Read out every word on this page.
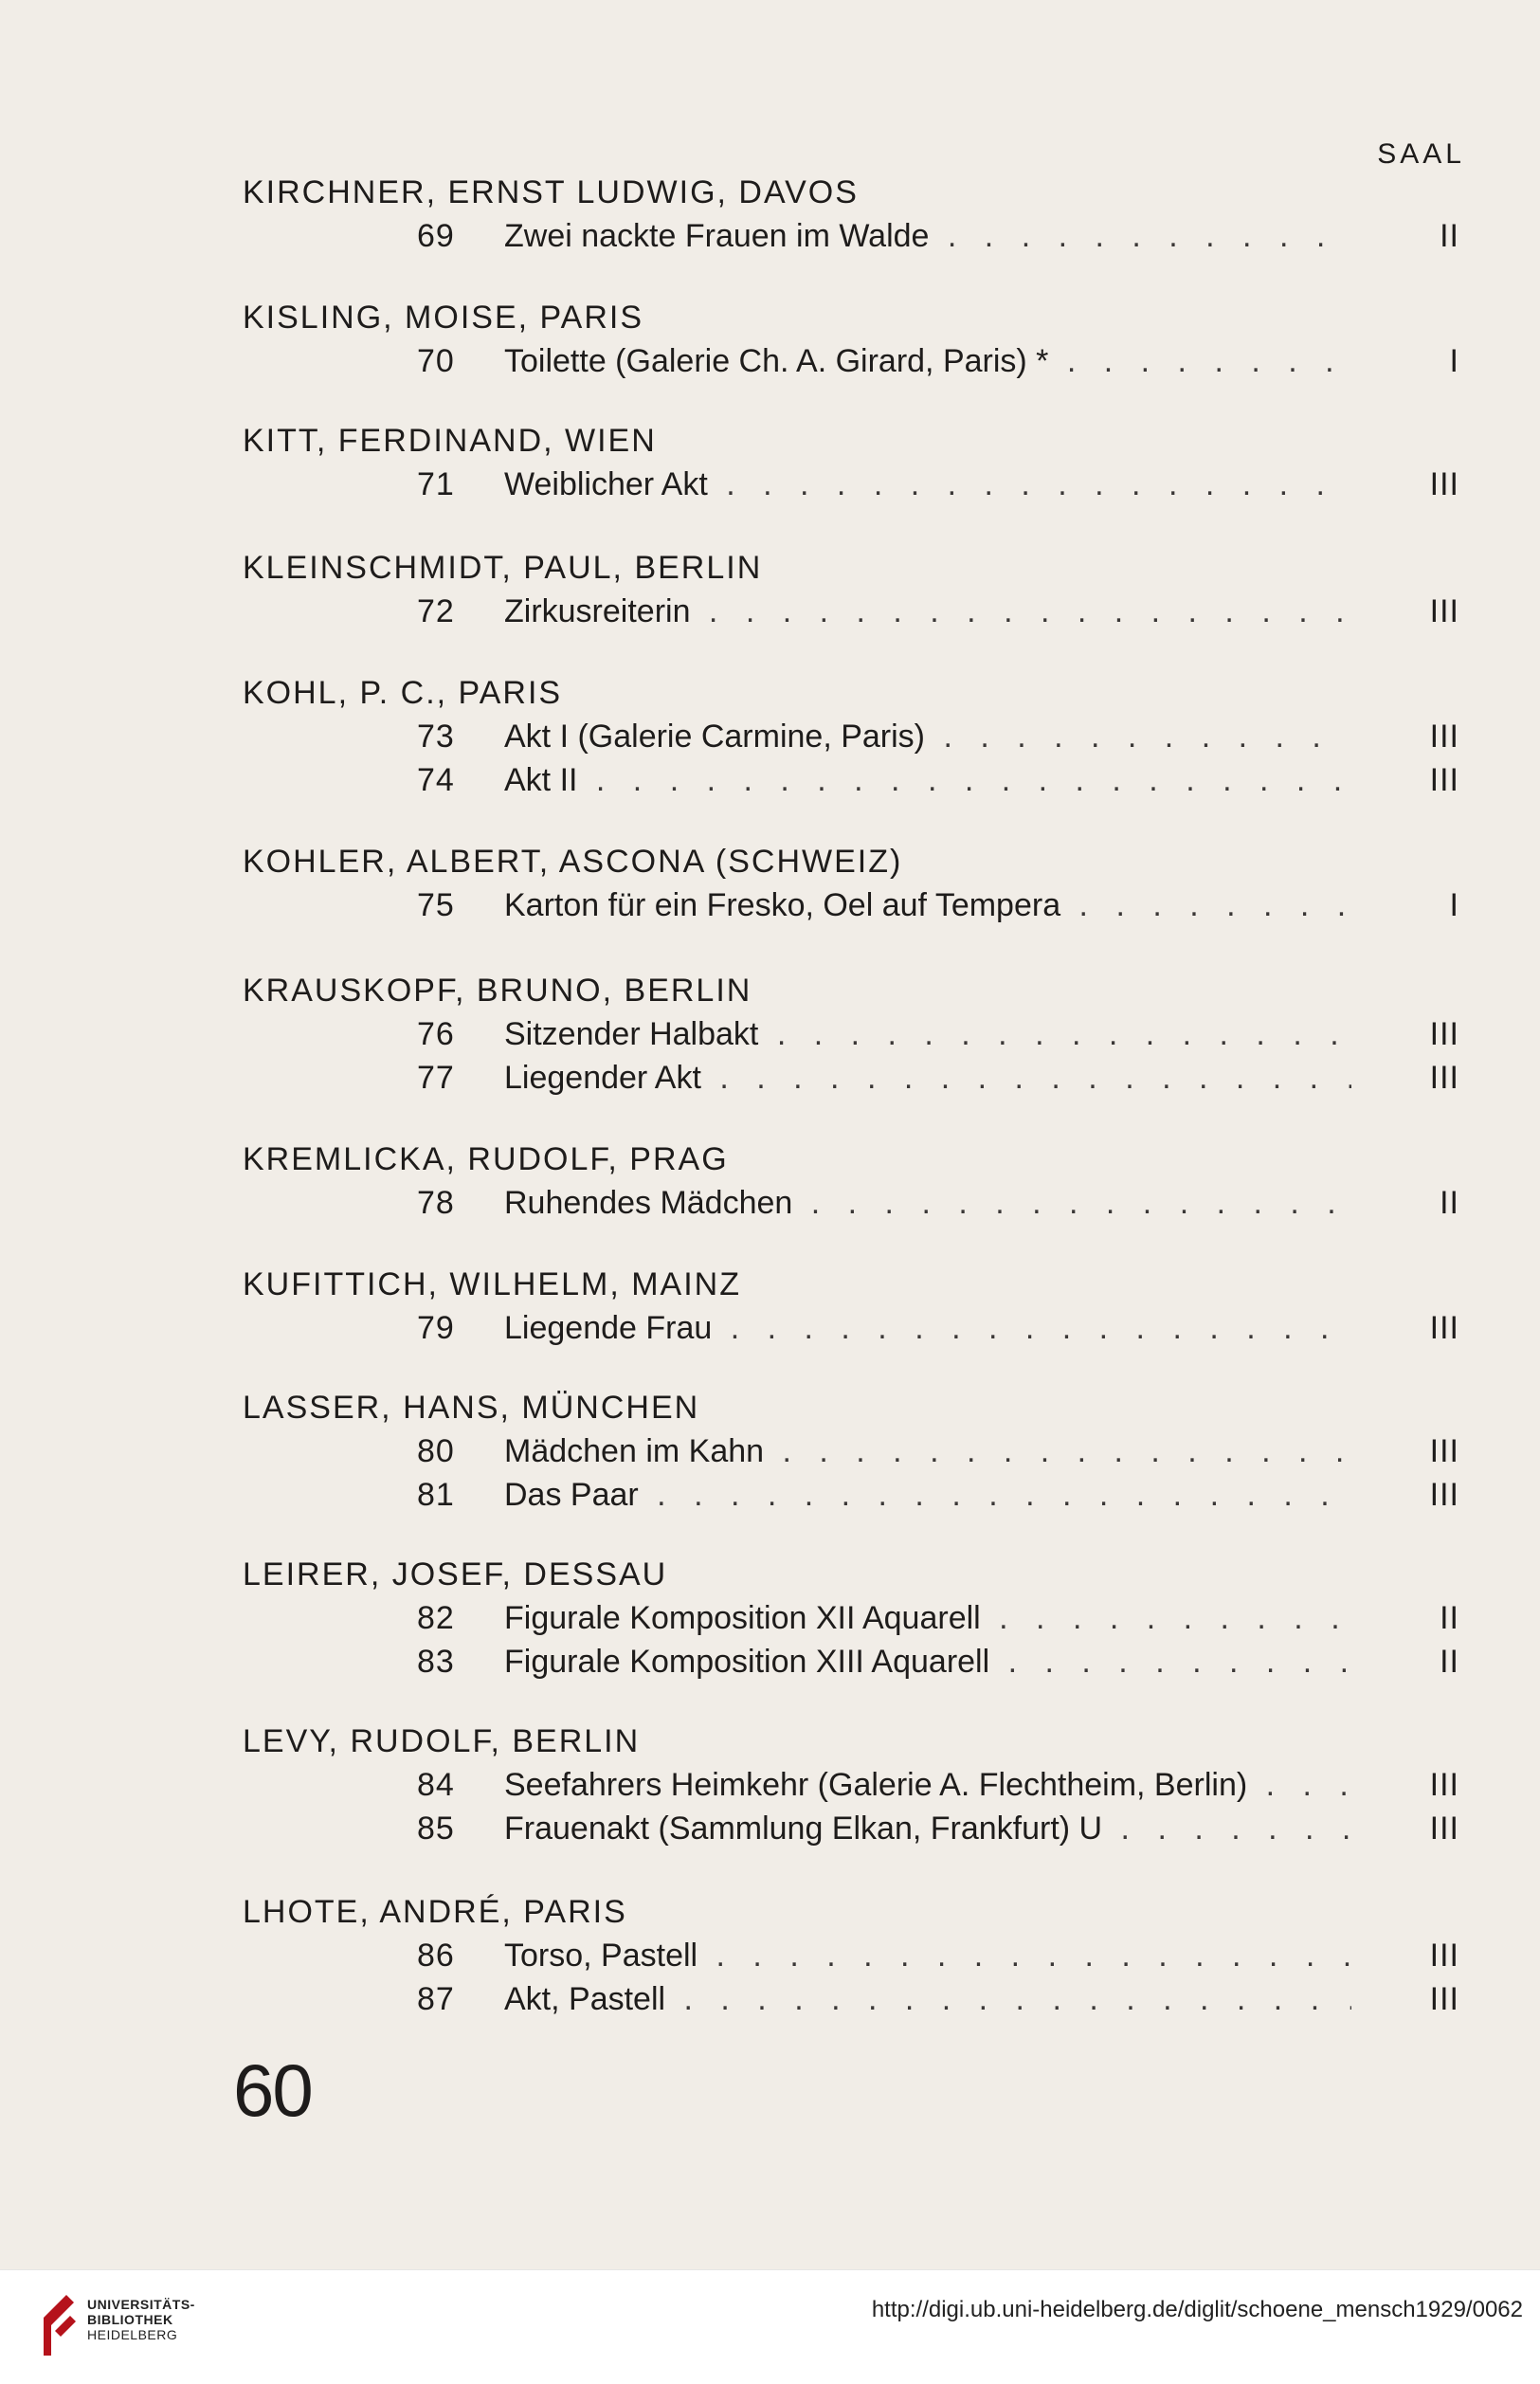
SAAL
KIRCHNER, ERNST LUDWIG, DAVOS
69	Zwei nackte Frauen im Walde . . .	II
KISLING, MOISE, PARIS
70	Toilette (Galerie Ch. A. Girard, Paris) * . . .	I
KITT, FERDINAND, WIEN
71	Weiblicher Akt . . .	III
KLEINSCHMIDT, PAUL, BERLIN
72	Zirkusreiterin . . .	III
KOHL, P. C., PARIS
73	Akt I (Galerie Carmine, Paris) . . .	III
74	Akt II . . .	III
KOHLER, ALBERT, ASCONA (SCHWEIZ)
75	Karton für ein Fresko, Oel auf Tempera . . .	I
KRAUSKOPF, BRUNO, BERLIN
76	Sitzender Halbakt . . .	III
77	Liegender Akt . . .	III
KREMLICKA, RUDOLF, PRAG
78	Ruhendes Mädchen . . .	II
KUFITTICH, WILHELM, MAINZ
79	Liegende Frau . . .	III
LASSER, HANS, MÜNCHEN
80	Mädchen im Kahn . . .	III
81	Das Paar . . .	III
LEIRER, JOSEF, DESSAU
82	Figurale Komposition XII Aquarell . . .	II
83	Figurale Komposition XIII Aquarell . . .	II
LEVY, RUDOLF, BERLIN
84	Seefahrers Heimkehr (Galerie A. Flechtheim, Berlin) . . .	III
85	Frauenakt (Sammlung Elkan, Frankfurt) U . . .	III
LHOTE, ANDRÉ, PARIS
86	Torso, Pastell . . .	III
87	Akt, Pastell . . .	III
60
UNIVERSITÄTS-
BIBLIOTHEK
HEIDELBERG
http://digi.ub.uni-heidelberg.de/diglit/schoene_mensch1929/0062
